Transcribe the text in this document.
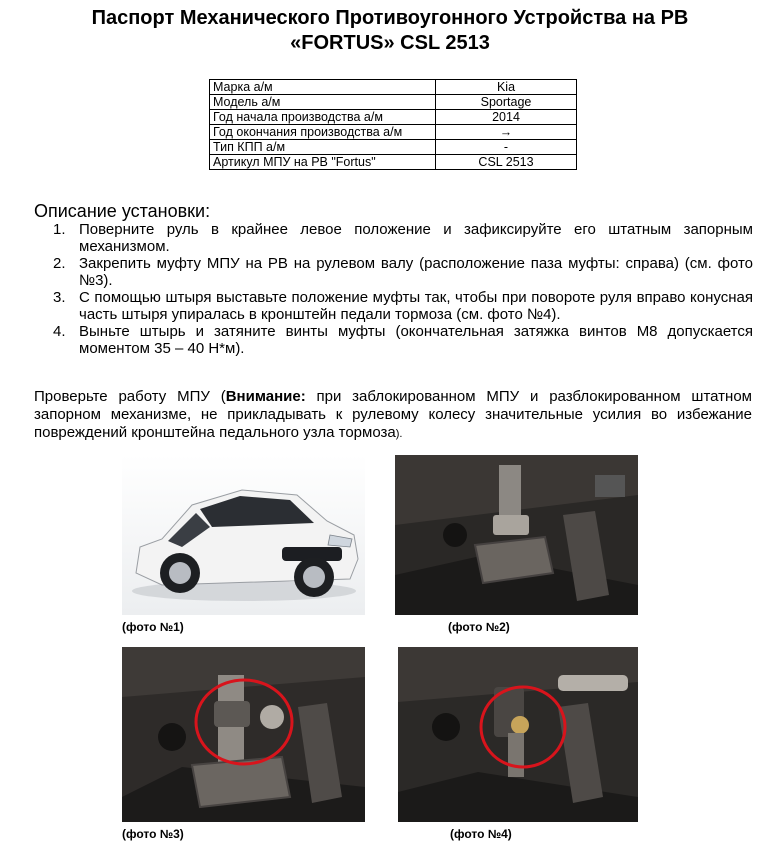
Паспорт Механического Противоугонного Устройства на РВ
«FORTUS» CSL 2513
Марка а/м	Kia
Модель а/м	Sportage
Год начала производства а/м	2014
Год окончания производства а/м	→
Тип КПП а/м	-
Артикул МПУ на РВ "Fortus"	CSL 2513
Описание установки:
1. Поверните руль в крайнее левое положение и зафиксируйте его штатным запорным механизмом.
2. Закрепить муфту МПУ на РВ на рулевом валу (расположение паза муфты: справа) (см. фото №3).
3. С помощью штыря выставьте положение муфты так, чтобы при повороте руля вправо конусная часть штыря упиралась в кронштейн педали тормоза (см. фото №4).
4. Выньте штырь и затяните винты муфты (окончательная затяжка винтов М8 допускается моментом 35 – 40 Н*м).
Проверьте работу МПУ (Внимание: при заблокированном МПУ и разблокированном штатном запорном механизме, не прикладывать к рулевому колесу значительные усилия во избежание повреждений кронштейна педального узла тормоза).
(фото №1)	(фото №2)
(фото №3)	(фото №4)
